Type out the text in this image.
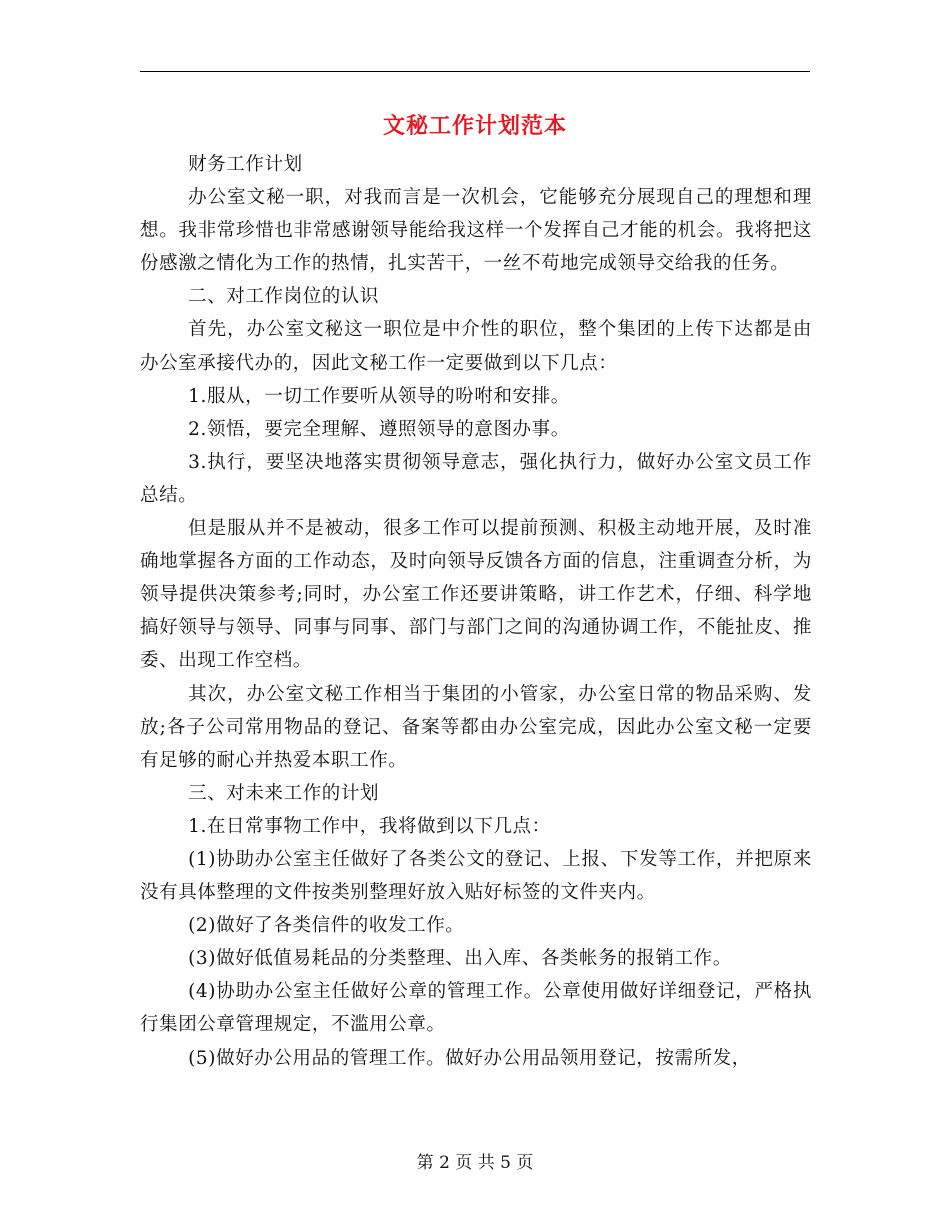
文秘工作计划范本

财务工作计划

办公室文秘一职，对我而言是一次机会，它能够充分展现自己的理想和理想。我非常珍惜也非常感谢领导能给我这样一个发挥自己才能的机会。我将把这份感激之情化为工作的热情，扎实苦干，一丝不苟地完成领导交给我的任务。

二、对工作岗位的认识

首先，办公室文秘这一职位是中介性的职位，整个集团的上传下达都是由办公室承接代办的，因此文秘工作一定要做到以下几点：

1.服从，一切工作要听从领导的吩咐和安排。

2.领悟，要完全理解、遵照领导的意图办事。

3.执行，要坚决地落实贯彻领导意志，强化执行力，做好办公室文员工作总结。

但是服从并不是被动，很多工作可以提前预测、积极主动地开展，及时准确地掌握各方面的工作动态，及时向领导反馈各方面的信息，注重调查分析，为领导提供决策参考;同时，办公室工作还要讲策略，讲工作艺术，仔细、科学地搞好领导与领导、同事与同事、部门与部门之间的沟通协调工作，不能扯皮、推委、出现工作空档。

其次，办公室文秘工作相当于集团的小管家，办公室日常的物品采购、发放;各子公司常用物品的登记、备案等都由办公室完成，因此办公室文秘一定要有足够的耐心并热爱本职工作。

三、对未来工作的计划

1.在日常事物工作中，我将做到以下几点：

(1)协助办公室主任做好了各类公文的登记、上报、下发等工作，并把原来没有具体整理的文件按类别整理好放入贴好标签的文件夹内。

(2)做好了各类信件的收发工作。

(3)做好低值易耗品的分类整理、出入库、各类帐务的报销工作。

(4)协助办公室主任做好公章的管理工作。公章使用做好详细登记，严格执行集团公章管理规定，不滥用公章。

(5)做好办公用品的管理工作。做好办公用品领用登记，按需所发，

第 2 页 共 5 页
